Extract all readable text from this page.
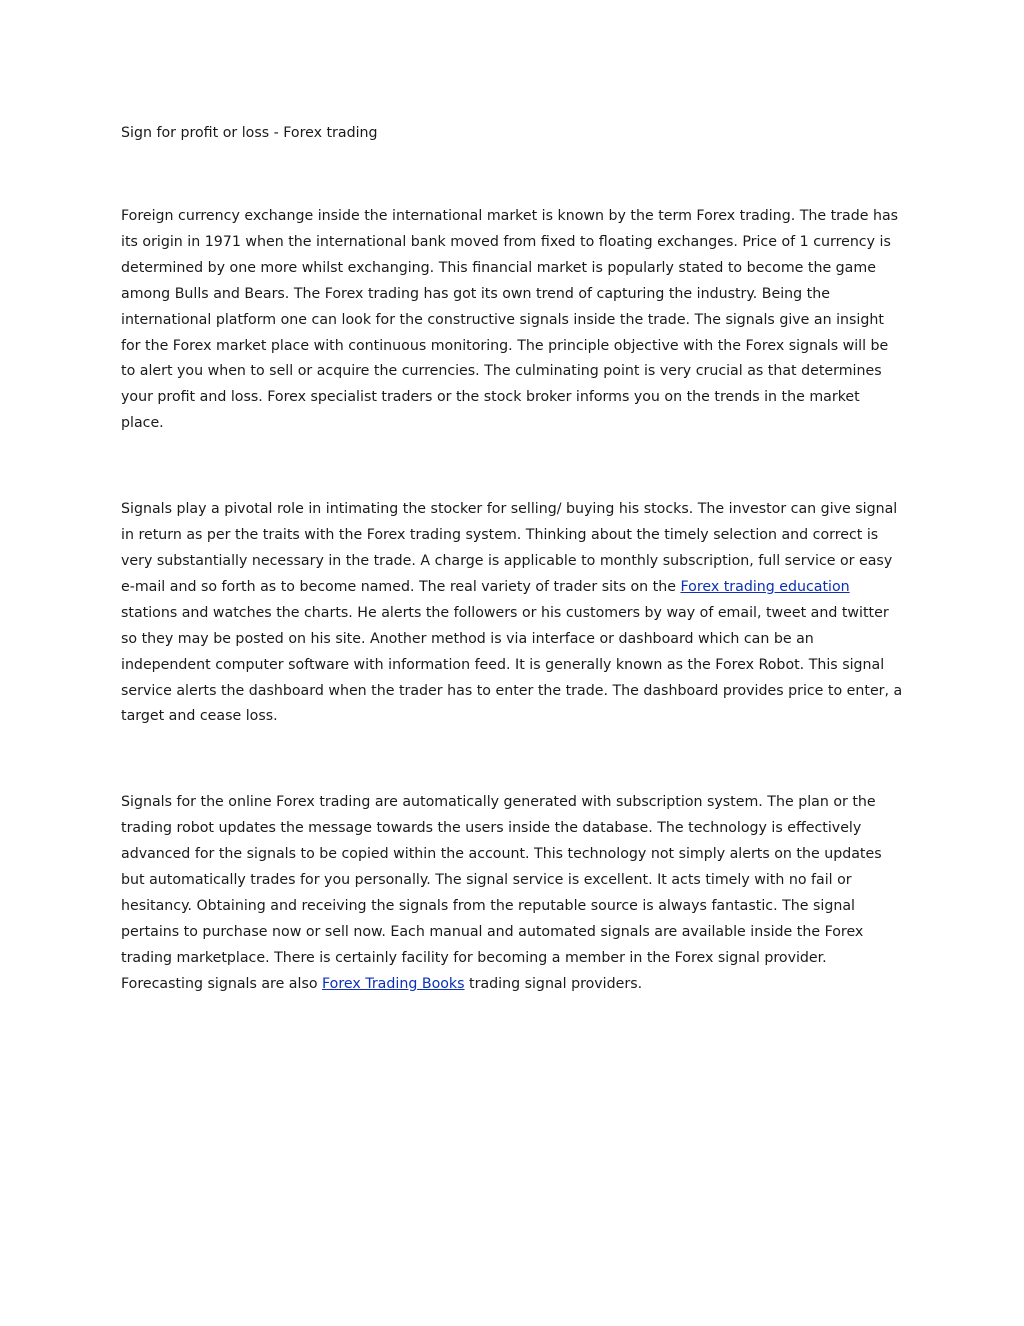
Sign for profit or loss - Forex trading

Foreign currency exchange inside the international market is known by the term Forex trading. The trade has its origin in 1971 when the international bank moved from fixed to floating exchanges. Price of 1 currency is determined by one more whilst exchanging. This financial market is popularly stated to become the game among Bulls and Bears. The Forex trading has got its own trend of capturing the industry. Being the international platform one can look for the constructive signals inside the trade. The signals give an insight for the Forex market place with continuous monitoring. The principle objective with the Forex signals will be to alert you when to sell or acquire the currencies. The culminating point is very crucial as that determines your profit and loss. Forex specialist traders or the stock broker informs you on the trends in the market place.

Signals play a pivotal role in intimating the stocker for selling/ buying his stocks. The investor can give signal in return as per the traits with the Forex trading system. Thinking about the timely selection and correct is very substantially necessary in the trade. A charge is applicable to monthly subscription, full service or easy e-mail and so forth as to become named. The real variety of trader sits on the Forex trading education stations and watches the charts. He alerts the followers or his customers by way of email, tweet and twitter so they may be posted on his site. Another method is via interface or dashboard which can be an independent computer software with information feed. It is generally known as the Forex Robot. This signal service alerts the dashboard when the trader has to enter the trade. The dashboard provides price to enter, a target and cease loss.

Signals for the online Forex trading are automatically generated with subscription system. The plan or the trading robot updates the message towards the users inside the database. The technology is effectively advanced for the signals to be copied within the account. This technology not simply alerts on the updates but automatically trades for you personally. The signal service is excellent. It acts timely with no fail or hesitancy. Obtaining and receiving the signals from the reputable source is always fantastic. The signal pertains to purchase now or sell now. Each manual and automated signals are available inside the Forex trading marketplace. There is certainly facility for becoming a member in the Forex signal provider. Forecasting signals are also Forex Trading Books trading signal providers.
